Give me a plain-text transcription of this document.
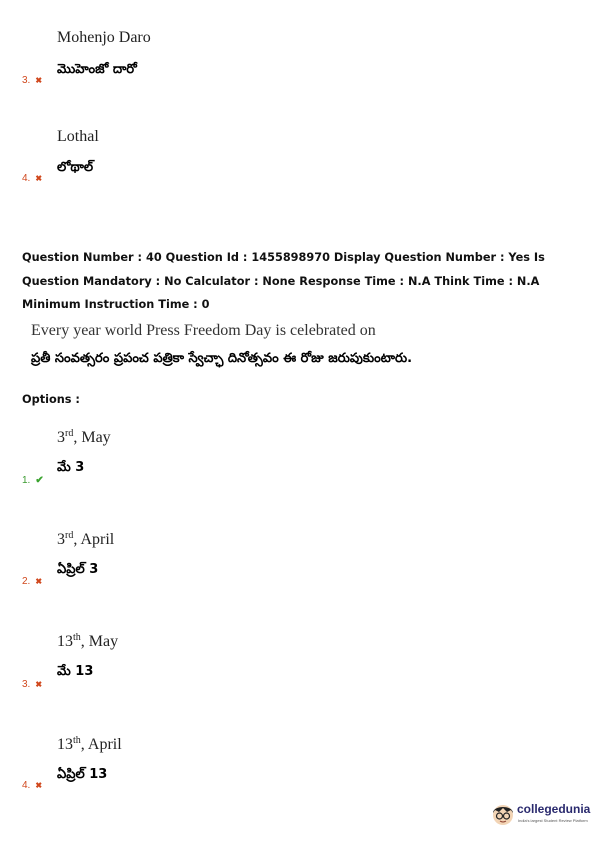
Mohenjo Daro
మొహెంజో దారో
3. ✖
Lothal
లోథాల్
4. ✖
Question Number : 40 Question Id : 1455898970 Display Question Number : Yes Is Question Mandatory : No Calculator : None Response Time : N.A Think Time : N.A Minimum Instruction Time : 0
Every year world Press Freedom Day is celebrated on
ప్రతీ సంవత్సరం ప్రపంచ పత్రికా స్వేచ్ఛా దినోత్సవం ఈ రోజు జరుపుకుంటారు.
Options :
3rd, May
మే 3
1. ✔
3rd, April
ఏప్రిల్ 3
2. ✖
13th, May
మే 13
3. ✖
13th, April
ఏప్రిల్ 13
4. ✖
collegedunia
India's largest Student Review Platform
